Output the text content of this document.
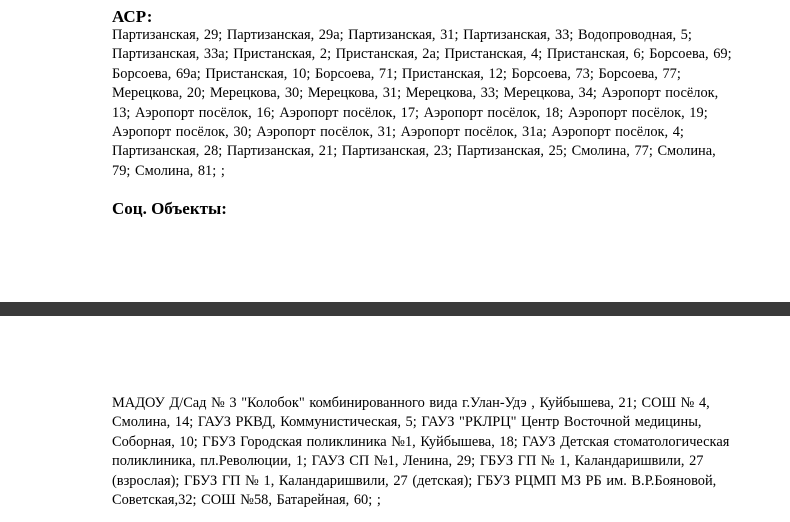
АСР:

Партизанская, 29; Партизанская, 29а; Партизанская, 31; Партизанская, 33; Водопроводная, 5; Партизанская, 33а; Пристанская, 2; Пристанская, 2а; Пристанская, 4; Пристанская, 6; Борсоева, 69; Борсоева, 69а; Пристанская, 10; Борсоева, 71; Пристанская, 12; Борсоева, 73; Борсоева, 77; Мерецкова, 20; Мерецкова, 30; Мерецкова, 31; Мерецкова, 33; Мерецкова, 34; Аэропорт посёлок, 13; Аэропорт посёлок, 16; Аэропорт посёлок, 17; Аэропорт посёлок, 18; Аэропорт посёлок, 19; Аэропорт посёлок, 30; Аэропорт посёлок, 31; Аэропорт посёлок, 31а; Аэропорт посёлок, 4; Партизанская, 28; Партизанская, 21; Партизанская, 23; Партизанская, 25; Смолина, 77; Смолина, 79; Смолина, 81; ;

Соц. Объекты:

МАДОУ Д/Сад № 3 "Колобок" комбинированного вида г.Улан-Удэ , Куйбышева, 21; СОШ № 4, Смолина, 14; ГАУЗ РКВД, Коммунистическая, 5; ГАУЗ "РКЛРЦ" Центр Восточной медицины, Соборная, 10; ГБУЗ Городская поликлиника №1, Куйбышева, 18; ГАУЗ Детская стоматологическая поликлиника, пл.Революции, 1; ГАУЗ СП №1, Ленина, 29; ГБУЗ ГП № 1, Каландаришвили, 27 (взрослая); ГБУЗ ГП № 1, Каландаришвили, 27 (детская); ГБУЗ РЦМП МЗ РБ им. В.Р.Бояновой, Советская,32; СОШ №58, Батарейная, 60; ;
